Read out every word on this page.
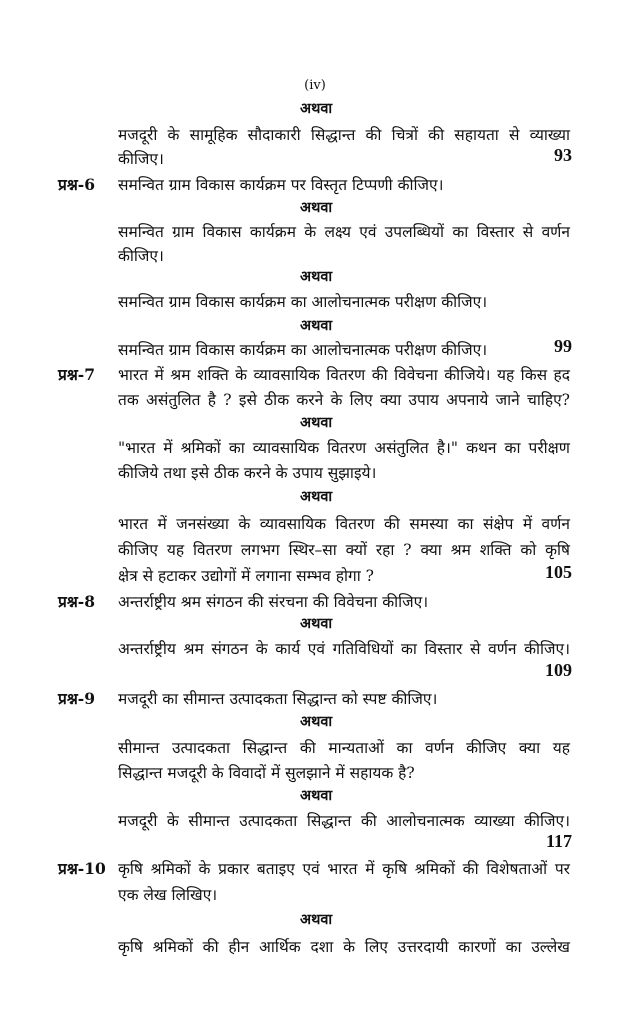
(iv)
अथवा
मजदूरी के सामूहिक सौदाकारी सिद्धान्त की चित्रों की सहायता से व्याख्या
कीजिए।	93
प्रश्न-6 समन्वित ग्राम विकास कार्यक्रम पर विस्तृत टिप्पणी कीजिए।
अथवा
समन्वित ग्राम विकास कार्यक्रम के लक्ष्य एवं उपलब्धियों का विस्तार से वर्णन
कीजिए।
अथवा
समन्वित ग्राम विकास कार्यक्रम का आलोचनात्मक परीक्षण कीजिए।
अथवा
समन्वित ग्राम विकास कार्यक्रम का आलोचनात्मक परीक्षण कीजिए।	99
प्रश्न-7 भारत में श्रम शक्ति के व्यावसायिक वितरण की विवेचना कीजिये। यह किस हद
तक असंतुलित है ? इसे ठीक करने के लिए क्या उपाय अपनाये जाने चाहिए?
अथवा
"भारत में श्रमिकों का व्यावसायिक वितरण असंतुलित है।" कथन का परीक्षण
कीजिये तथा इसे ठीक करने के उपाय सुझाइये।
अथवा
भारत में जनसंख्या के व्यावसायिक वितरण की समस्या का संक्षेप में वर्णन
कीजिए यह वितरण लगभग स्थिर–सा क्यों रहा ? क्या श्रम शक्ति को कृषि
क्षेत्र से हटाकर उद्योगों में लगाना सम्भव होगा ?	105
प्रश्न-8 अन्तर्राष्ट्रीय श्रम संगठन की संरचना की विवेचना कीजिए।
अथवा
अन्तर्राष्ट्रीय श्रम संगठन के कार्य एवं गतिविधियों का विस्तार से वर्णन कीजिए।
109
प्रश्न-9 मजदूरी का सीमान्त उत्पादकता सिद्धान्त को स्पष्ट कीजिए।
अथवा
सीमान्त उत्पादकता सिद्धान्त की मान्यताओं का वर्णन कीजिए क्या यह
सिद्धान्त मजदूरी के विवादों में सुलझाने में सहायक है?
अथवा
मजदूरी के सीमान्त उत्पादकता सिद्धान्त की आलोचनात्मक व्याख्या कीजिए।
117
प्रश्न-10 कृषि श्रमिकों के प्रकार बताइए एवं भारत में कृषि श्रमिकों की विशेषताओं पर
एक लेख लिखिए।
अथवा
कृषि श्रमिकों की हीन आर्थिक दशा के लिए उत्तरदायी कारणों का उल्लेख
